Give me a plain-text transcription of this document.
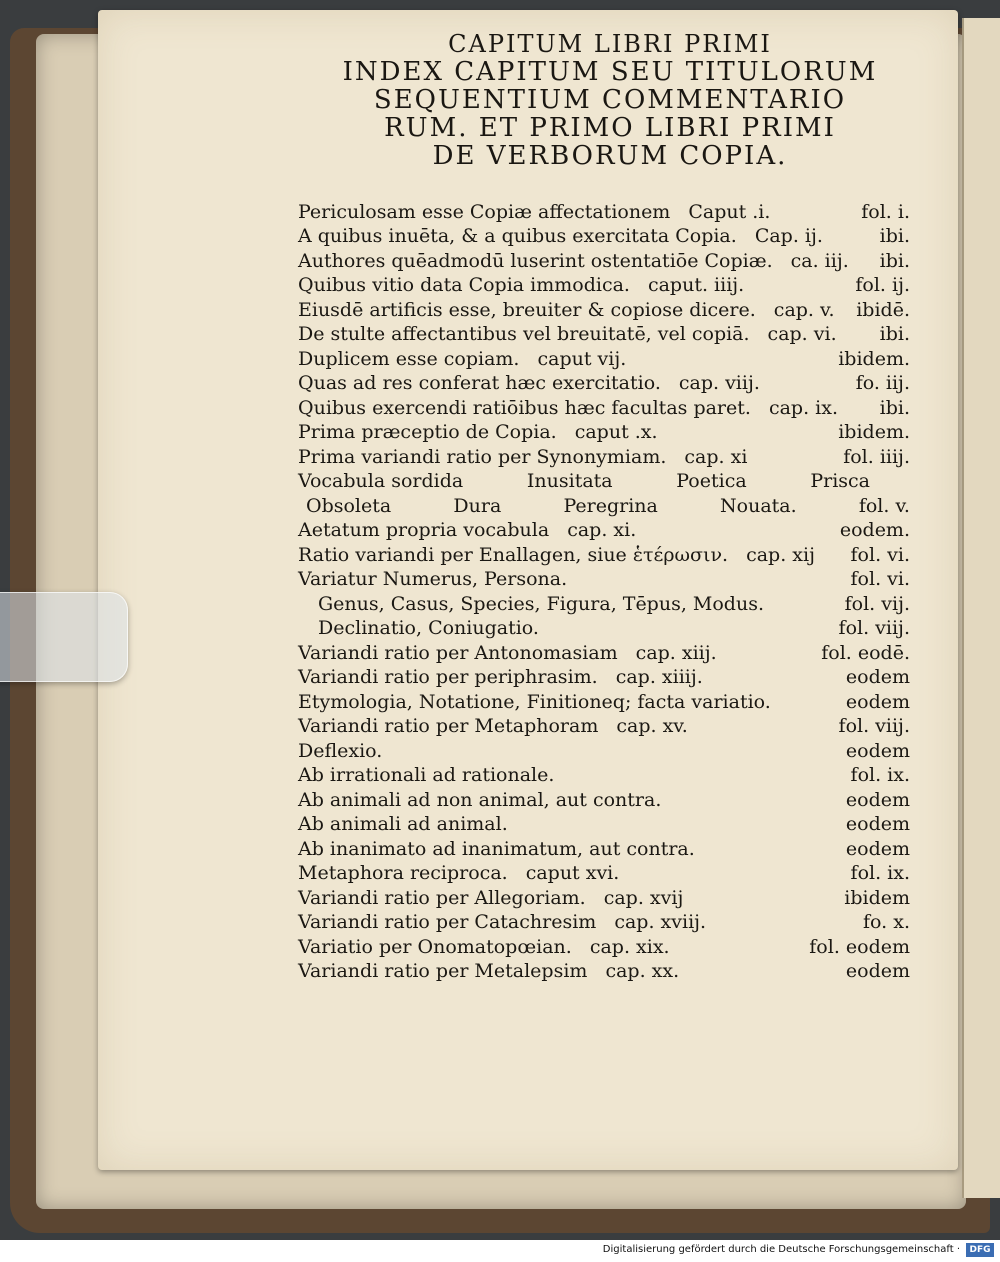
CAPITUM LIBRI PRIMI
INDEX CAPITUM SEU TITULORUM
SEQUENTIUM COMMENTARIO
RUM. ET PRIMO LIBRI PRIMI
DE VERBORUM COPIA.
Periculosam esse Copiæ affectationem Caput .i.	fol. i.
A quibus inuēta, & a quibus exercitata Copia. Cap. ij.	ibi.
Authores quēadmodū luserint ostentatiōe Copiæ. ca. iij. ibi.
Quibus vitio data Copia immodica. caput. iiij.	fol. ij.
Eiusdē artificis esse, breuiter & copiose dicere. cap. v. ibidē.
De stulte affectantibus vel breuitatē, vel copiā. cap. vi. ibi.
Duplicem esse copiam. caput vij.	ibidem.
Quas ad res conferat hæc exercitatio. cap. viij.	fo. iij.
Quibus exercendi ratiōibus hæc facultas paret. cap. ix. ibi.
Prima præceptio de Copia. caput .x.	ibidem.
Prima variandi ratio per Synonymiam. cap. xi	fol. iiij.
Vocabula sordida	Inusitata	Poetica	Prisca
Obsoleta	Dura	Peregrina	Nouata.	fol. v.
Aetatum propria vocabula cap. xi.	eodem.
Ratio variandi per Enallagen, siue ἑτέρωσιν. cap. xij fol. vi.
Variatur Numerus, Persona.	fol. vi.
Genus, Casus, Species, Figura, Tēpus, Modus.	fol. vij.
Declinatio, Coniugatio.	fol. viij.
Variandi ratio per Antonomasiam cap. xiij.	fol. eodē.
Variandi ratio per periphrasim. cap. xiiij.	eodem
Etymologia, Notatione, Finitioneq; facta variatio.	eodem
Variandi ratio per Metaphoram cap. xv.	fol. viij.
Deflexio.	eodem
Ab irrationali ad rationale.	fol. ix.
Ab animali ad non animal, aut contra.	eodem
Ab animali ad animal.	eodem
Ab inanimato ad inanimatum, aut contra.	eodem
Metaphora reciproca. caput xvi.	fol. ix.
Variandi ratio per Allegoriam. cap. xvij	ibidem
Variandi ratio per Catachresim cap. xviij.	fo. x.
Variatio per Onomatopœian. cap. xix.	fol. eodem
Variandi ratio per Metalepsim cap. xx.	eodem
Digitalisierung gefördert durch die Deutsche Forschungsgemeinschaft ·	DFG
